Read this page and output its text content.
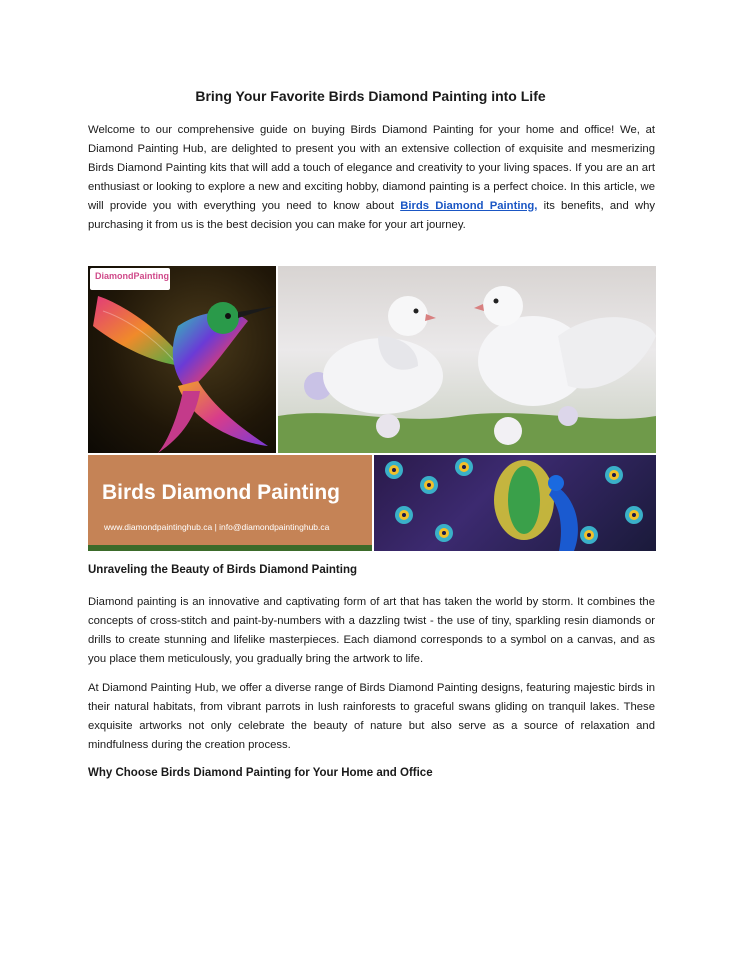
Bring Your Favorite Birds Diamond Painting into Life

Welcome to our comprehensive guide on buying Birds Diamond Painting for your home and office! We, at Diamond Painting Hub, are delighted to present you with an extensive collection of exquisite and mesmerizing Birds Diamond Painting kits that will add a touch of elegance and creativity to your living spaces. If you are an art enthusiast or looking to explore a new and exciting hobby, diamond painting is a perfect choice. In this article, we will provide you with everything you need to know about Birds Diamond Painting, its benefits, and why purchasing it from us is the best decision you can make for your art journey.

DiamondPainting
Birds Diamond Painting
www.diamondpaintinghub.ca | info@diamondpaintinghub.ca
Unraveling the Beauty of Birds Diamond Painting

Diamond painting is an innovative and captivating form of art that has taken the world by storm. It combines the concepts of cross-stitch and paint-by-numbers with a dazzling twist - the use of tiny, sparkling resin diamonds or drills to create stunning and lifelike masterpieces. Each diamond corresponds to a symbol on a canvas, and as you place them meticulously, you gradually bring the artwork to life.

At Diamond Painting Hub, we offer a diverse range of Birds Diamond Painting designs, featuring majestic birds in their natural habitats, from vibrant parrots in lush rainforests to graceful swans gliding on tranquil lakes. These exquisite artworks not only celebrate the beauty of nature but also serve as a source of relaxation and mindfulness during the creation process.

Why Choose Birds Diamond Painting for Your Home and Office
